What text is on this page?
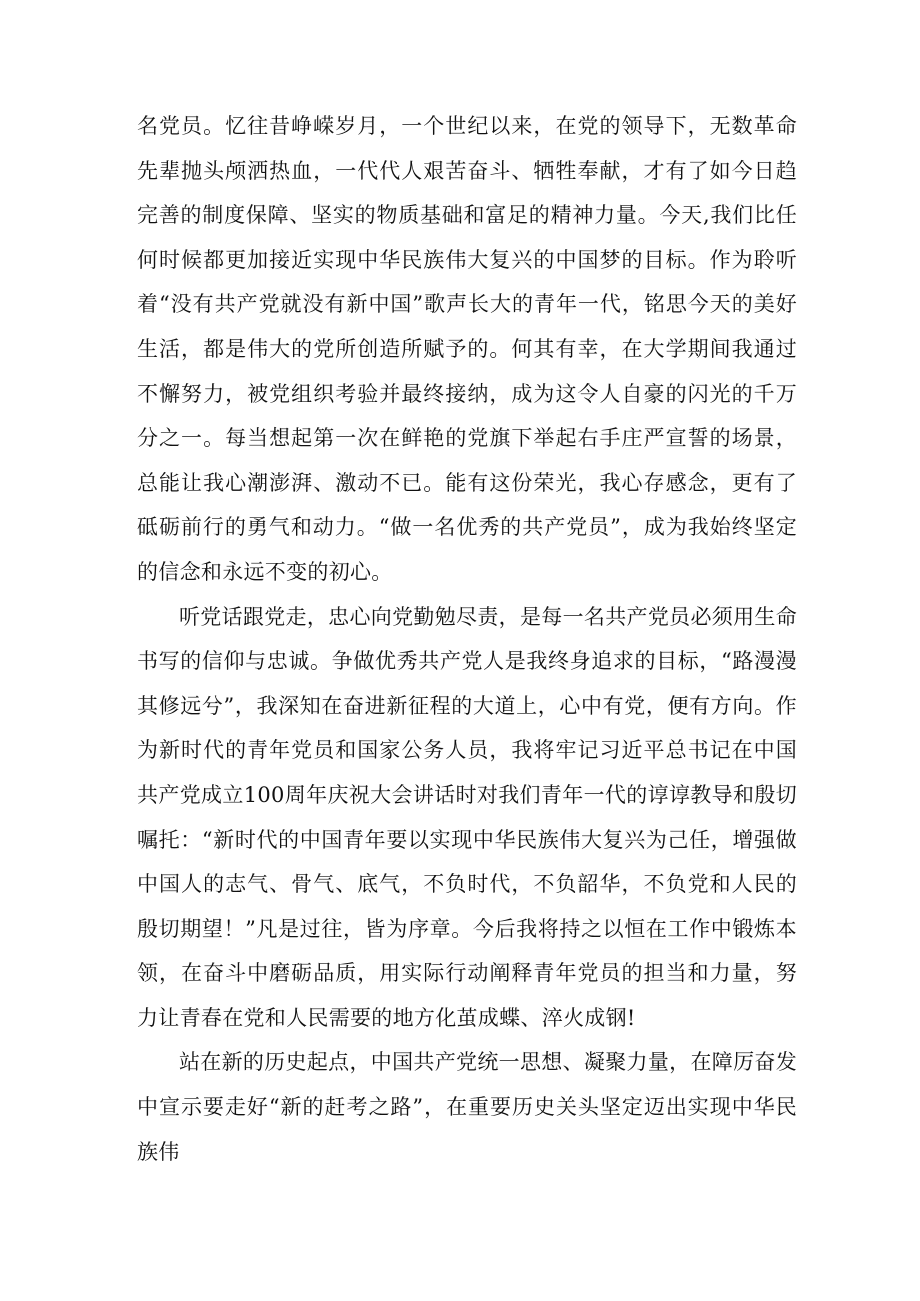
名党员。忆往昔峥嵘岁月，一个世纪以来，在党的领导下，无数革命先辈抛头颅洒热血，一代代人艰苦奋斗、牺牲奉献，才有了如今日趋完善的制度保障、坚实的物质基础和富足的精神力量。今天,我们比任何时候都更加接近实现中华民族伟大复兴的中国梦的目标。作为聆听着“没有共产党就没有新中国”歌声长大的青年一代，铭思今天的美好生活，都是伟大的党所创造所赋予的。何其有幸，在大学期间我通过不懈努力，被党组织考验并最终接纳，成为这令人自豪的闪光的千万分之一。每当想起第一次在鲜艳的党旗下举起右手庄严宣誓的场景，总能让我心潮澎湃、激动不已。能有这份荣光，我心存感念，更有了砥砺前行的勇气和动力。“做一名优秀的共产党员”，成为我始终坚定的信念和永远不变的初心。

听党话跟党走，忠心向党勤勉尽责，是每一名共产党员必须用生命书写的信仰与忠诚。争做优秀共产党人是我终身追求的目标，“路漫漫其修远兮”，我深知在奋进新征程的大道上，心中有党，便有方向。作为新时代的青年党员和国家公务人员，我将牢记习近平总书记在中国共产党成立100周年庆祝大会讲话时对我们青年一代的谆谆教导和殷切嘱托：“新时代的中国青年要以实现中华民族伟大复兴为己任，增强做中国人的志气、骨气、底气，不负时代，不负韶华，不负党和人民的殷切期望！”凡是过往，皆为序章。今后我将持之以恒在工作中锻炼本领，在奋斗中磨砺品质，用实际行动阐释青年党员的担当和力量，努力让青春在党和人民需要的地方化茧成蝶、淬火成钢!

站在新的历史起点，中国共产党统一思想、凝聚力量，在障厉奋发中宣示要走好“新的赶考之路”，在重要历史关头坚定迈出实现中华民族伟
